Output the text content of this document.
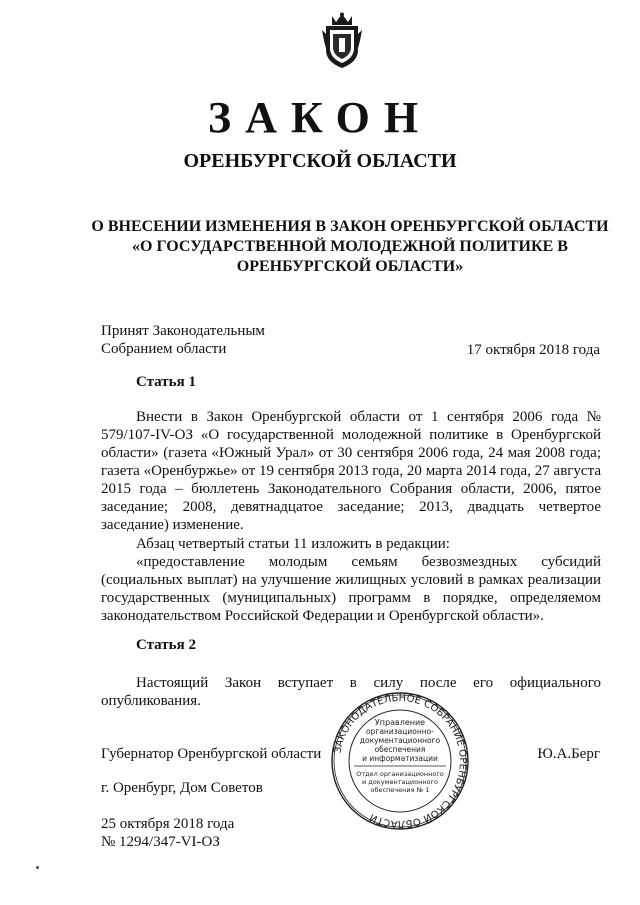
ЗАКОН
ОРЕНБУРГСКОЙ ОБЛАСТИ
О ВНЕСЕНИИ ИЗМЕНЕНИЯ В ЗАКОН ОРЕНБУРГСКОЙ ОБЛАСТИ
«О ГОСУДАРСТВЕННОЙ МОЛОДЕЖНОЙ ПОЛИТИКЕ В
ОРЕНБУРГСКОЙ ОБЛАСТИ»
Принят Законодательным
Собранием области	17 октября 2018 года
Статья 1
Внести в Закон Оренбургской области от 1 сентября 2006 года № 579/107-IV-ОЗ «О государственной молодежной политике в Оренбургской области» (газета «Южный Урал» от 30 сентября 2006 года, 24 мая 2008 года; газета «Оренбуржье» от 19 сентября 2013 года, 20 марта 2014 года, 27 августа 2015 года – бюллетень Законодательного Собрания области, 2006, пятое заседание; 2008, девятнадцатое заседание; 2013, двадцать четвертое заседание) изменение.
Абзац четвертый статьи 11 изложить в редакции:
«предоставление молодым семьям безвозмездных субсидий (социальных выплат) на улучшение жилищных условий в рамках реализации государственных (муниципальных) программ в порядке, определяемом законодательством Российской Федерации и Оренбургской области».
Статья 2
Настоящий Закон вступает в силу после его официального опубликования.
Губернатор Оренбургской области	Ю.А.Берг
г. Оренбург, Дом Советов
25 октября 2018 года
№ 1294/347-VI-ОЗ
ЗАКОНОДАТЕЛЬНОЕ СОБРАНИЕ ОРЕНБУРГСКОЙ ОБЛАСТИ
Управление
организационно-
документационного
обеспечения
и информатизации
Отдел организационного
и документационного
обеспечения № 1
